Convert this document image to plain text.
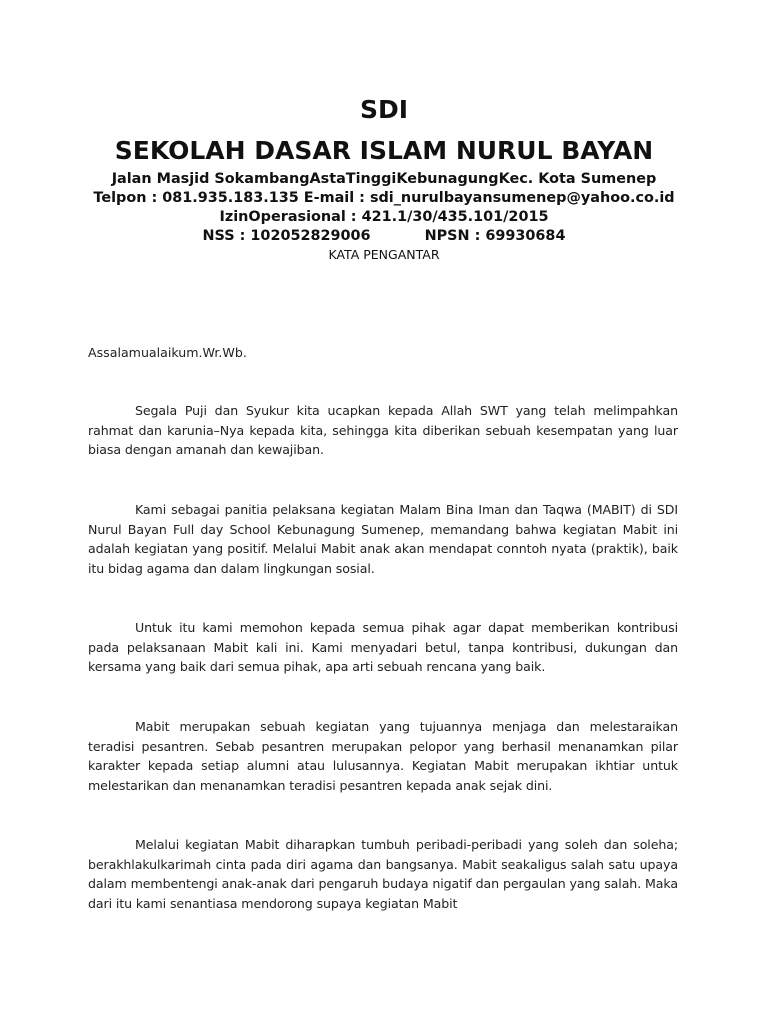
SDI

SEKOLAH DASAR ISLAM NURUL BAYAN

Jalan Masjid SokambangAstaTinggiKebunagungKec. Kota Sumenep

Telpon : 081.935.183.135 E-mail : sdi_nurulbayansumenep@yahoo.co.id

IzinOperasional : 421.1/30/435.101/2015

NSS : 102052829006	NPSN : 69930684

KATA PENGANTAR

Assalamualaikum.Wr.Wb.

Segala Puji dan Syukur kita ucapkan kepada Allah SWT yang telah melimpahkan rahmat dan karunia–Nya kepada kita, sehingga kita diberikan sebuah kesempatan yang luar biasa dengan amanah dan kewajiban.

Kami sebagai panitia pelaksana kegiatan Malam Bina Iman dan Taqwa (MABIT) di SDI Nurul Bayan Full day School Kebunagung Sumenep, memandang bahwa kegiatan Mabit ini adalah kegiatan yang positif. Melalui Mabit anak akan mendapat conntoh nyata (praktik), baik itu bidag agama dan dalam lingkungan sosial.

Untuk itu kami memohon kepada semua pihak agar dapat memberikan kontribusi pada pelaksanaan Mabit kali ini. Kami menyadari betul, tanpa kontribusi, dukungan dan kersama yang baik dari semua pihak, apa arti sebuah rencana yang baik.

Mabit merupakan sebuah kegiatan yang tujuannya menjaga dan melestaraikan teradisi pesantren. Sebab pesantren merupakan pelopor yang berhasil menanamkan pilar karakter kepada setiap alumni atau lulusannya. Kegiatan Mabit merupakan ikhtiar untuk melestarikan dan menanamkan teradisi pesantren kepada anak sejak dini.

Melalui kegiatan Mabit diharapkan tumbuh peribadi-peribadi yang soleh dan soleha; berakhlakulkarimah cinta pada diri agama dan bangsanya. Mabit seakaligus salah satu upaya dalam membentengi anak-anak dari pengaruh budaya nigatif dan pergaulan yang salah. Maka dari itu kami senantiasa mendorong supaya kegiatan Mabit
